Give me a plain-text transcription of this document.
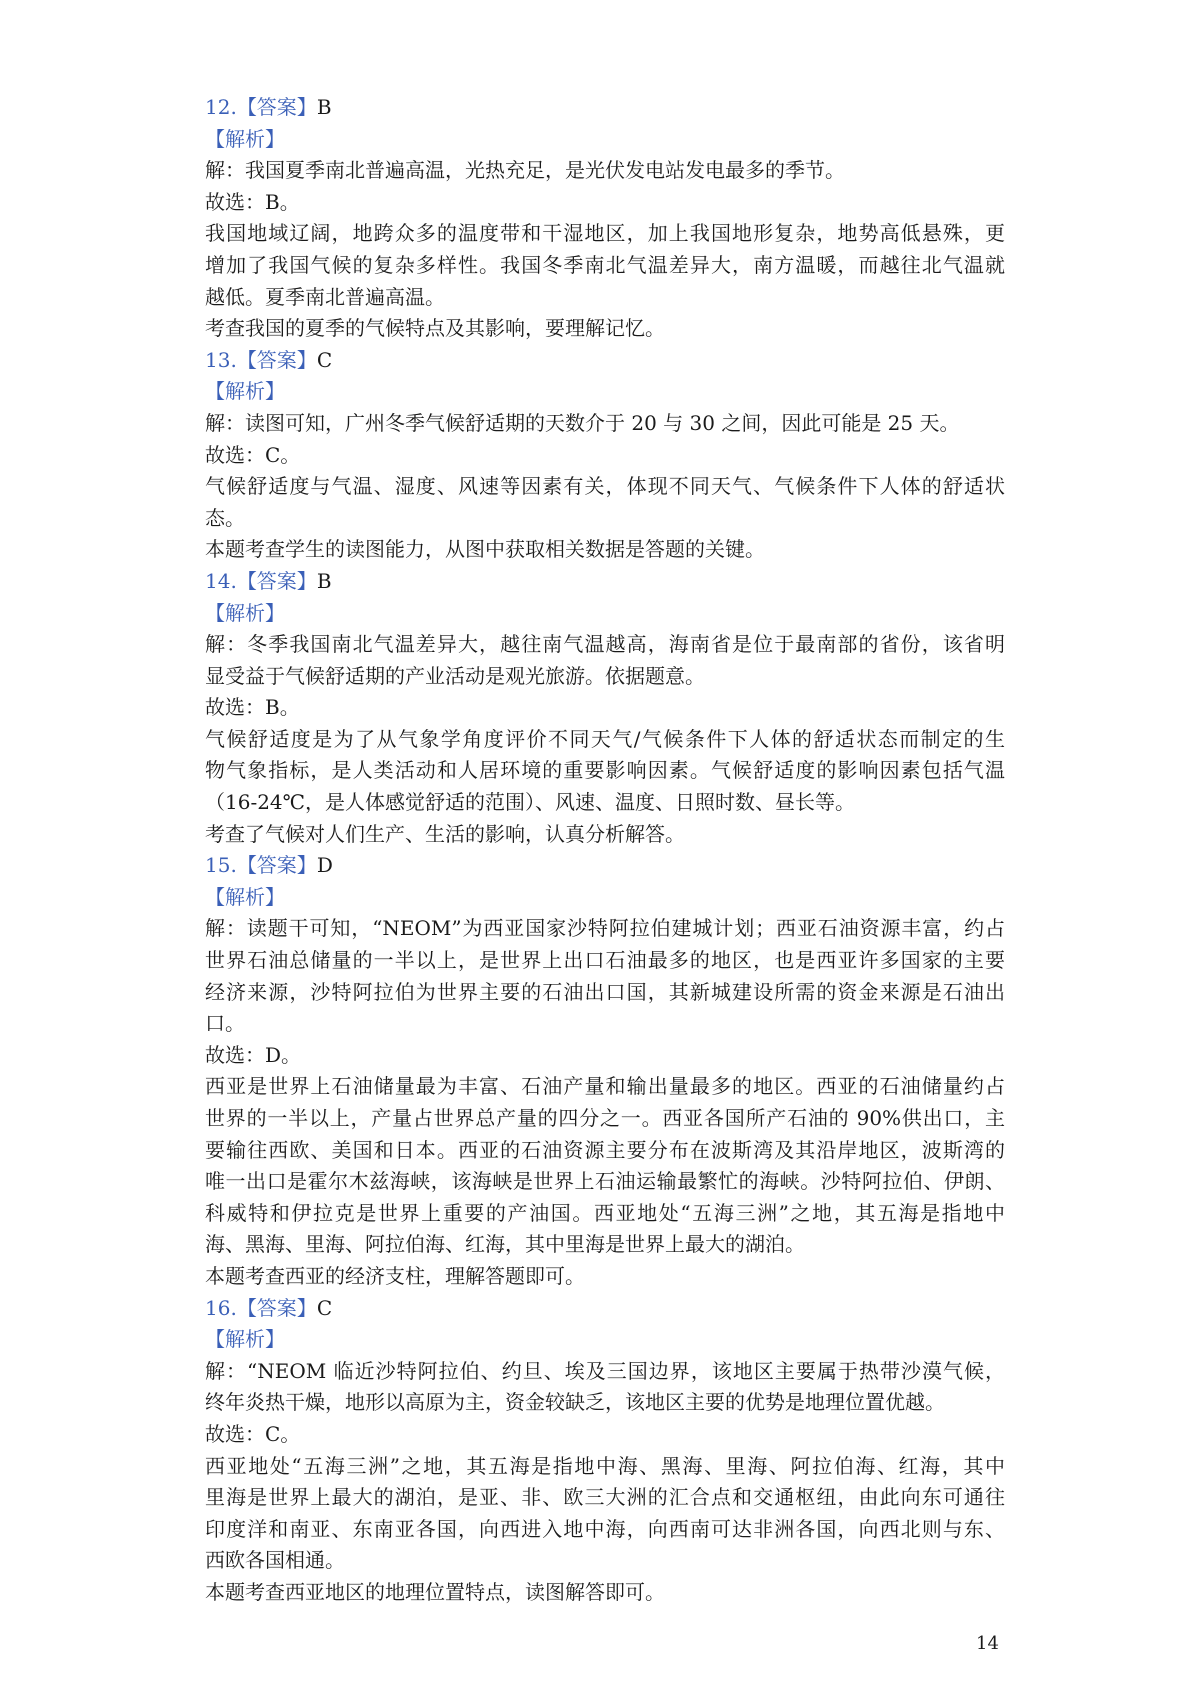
12.【答案】B
【解析】
解：我国夏季南北普遍高温，光热充足，是光伏发电站发电最多的季节。
故选：B。
我国地域辽阔，地跨众多的温度带和干湿地区，加上我国地形复杂，地势高低悬殊，更
增加了我国气候的复杂多样性。我国冬季南北气温差异大，南方温暖，而越往北气温就
越低。夏季南北普遍高温。
考查我国的夏季的气候特点及其影响，要理解记忆。
13.【答案】C
【解析】
解：读图可知，广州冬季气候舒适期的天数介于 20 与 30 之间，因此可能是 25 天。
故选：C。
气候舒适度与气温、湿度、风速等因素有关，体现不同天气、气候条件下人体的舒适状
态。
本题考查学生的读图能力，从图中获取相关数据是答题的关键。
14.【答案】B
【解析】
解：冬季我国南北气温差异大，越往南气温越高，海南省是位于最南部的省份，该省明
显受益于气候舒适期的产业活动是观光旅游。依据题意。
故选：B。
气候舒适度是为了从气象学角度评价不同天气/气候条件下人体的舒适状态而制定的生
物气象指标，是人类活动和人居环境的重要影响因素。气候舒适度的影响因素包括气温
（16-24℃，是人体感觉舒适的范围）、风速、温度、日照时数、昼长等。
考查了气候对人们生产、生活的影响，认真分析解答。
15.【答案】D
【解析】
解：读题干可知，“NEOM”为西亚国家沙特阿拉伯建城计划；西亚石油资源丰富，约占
世界石油总储量的一半以上，是世界上出口石油最多的地区，也是西亚许多国家的主要
经济来源，沙特阿拉伯为世界主要的石油出口国，其新城建设所需的资金来源是石油出
口。
故选：D。
西亚是世界上石油储量最为丰富、石油产量和输出量最多的地区。西亚的石油储量约占
世界的一半以上，产量占世界总产量的四分之一。西亚各国所产石油的 90%供出口，主
要输往西欧、美国和日本。西亚的石油资源主要分布在波斯湾及其沿岸地区，波斯湾的
唯一出口是霍尔木兹海峡，该海峡是世界上石油运输最繁忙的海峡。沙特阿拉伯、伊朗、
科威特和伊拉克是世界上重要的产油国。西亚地处“五海三洲”之地，其五海是指地中
海、黑海、里海、阿拉伯海、红海，其中里海是世界上最大的湖泊。
本题考查西亚的经济支柱，理解答题即可。
16.【答案】C
【解析】
解：“NEOM 临近沙特阿拉伯、约旦、埃及三国边界，该地区主要属于热带沙漠气候，
终年炎热干燥，地形以高原为主，资金较缺乏，该地区主要的优势是地理位置优越。
故选：C。
西亚地处“五海三洲”之地，其五海是指地中海、黑海、里海、阿拉伯海、红海，其中
里海是世界上最大的湖泊，是亚、非、欧三大洲的汇合点和交通枢纽，由此向东可通往
印度洋和南亚、东南亚各国，向西进入地中海，向西南可达非洲各国，向西北则与东、
西欧各国相通。
本题考查西亚地区的地理位置特点，读图解答即可。
14
